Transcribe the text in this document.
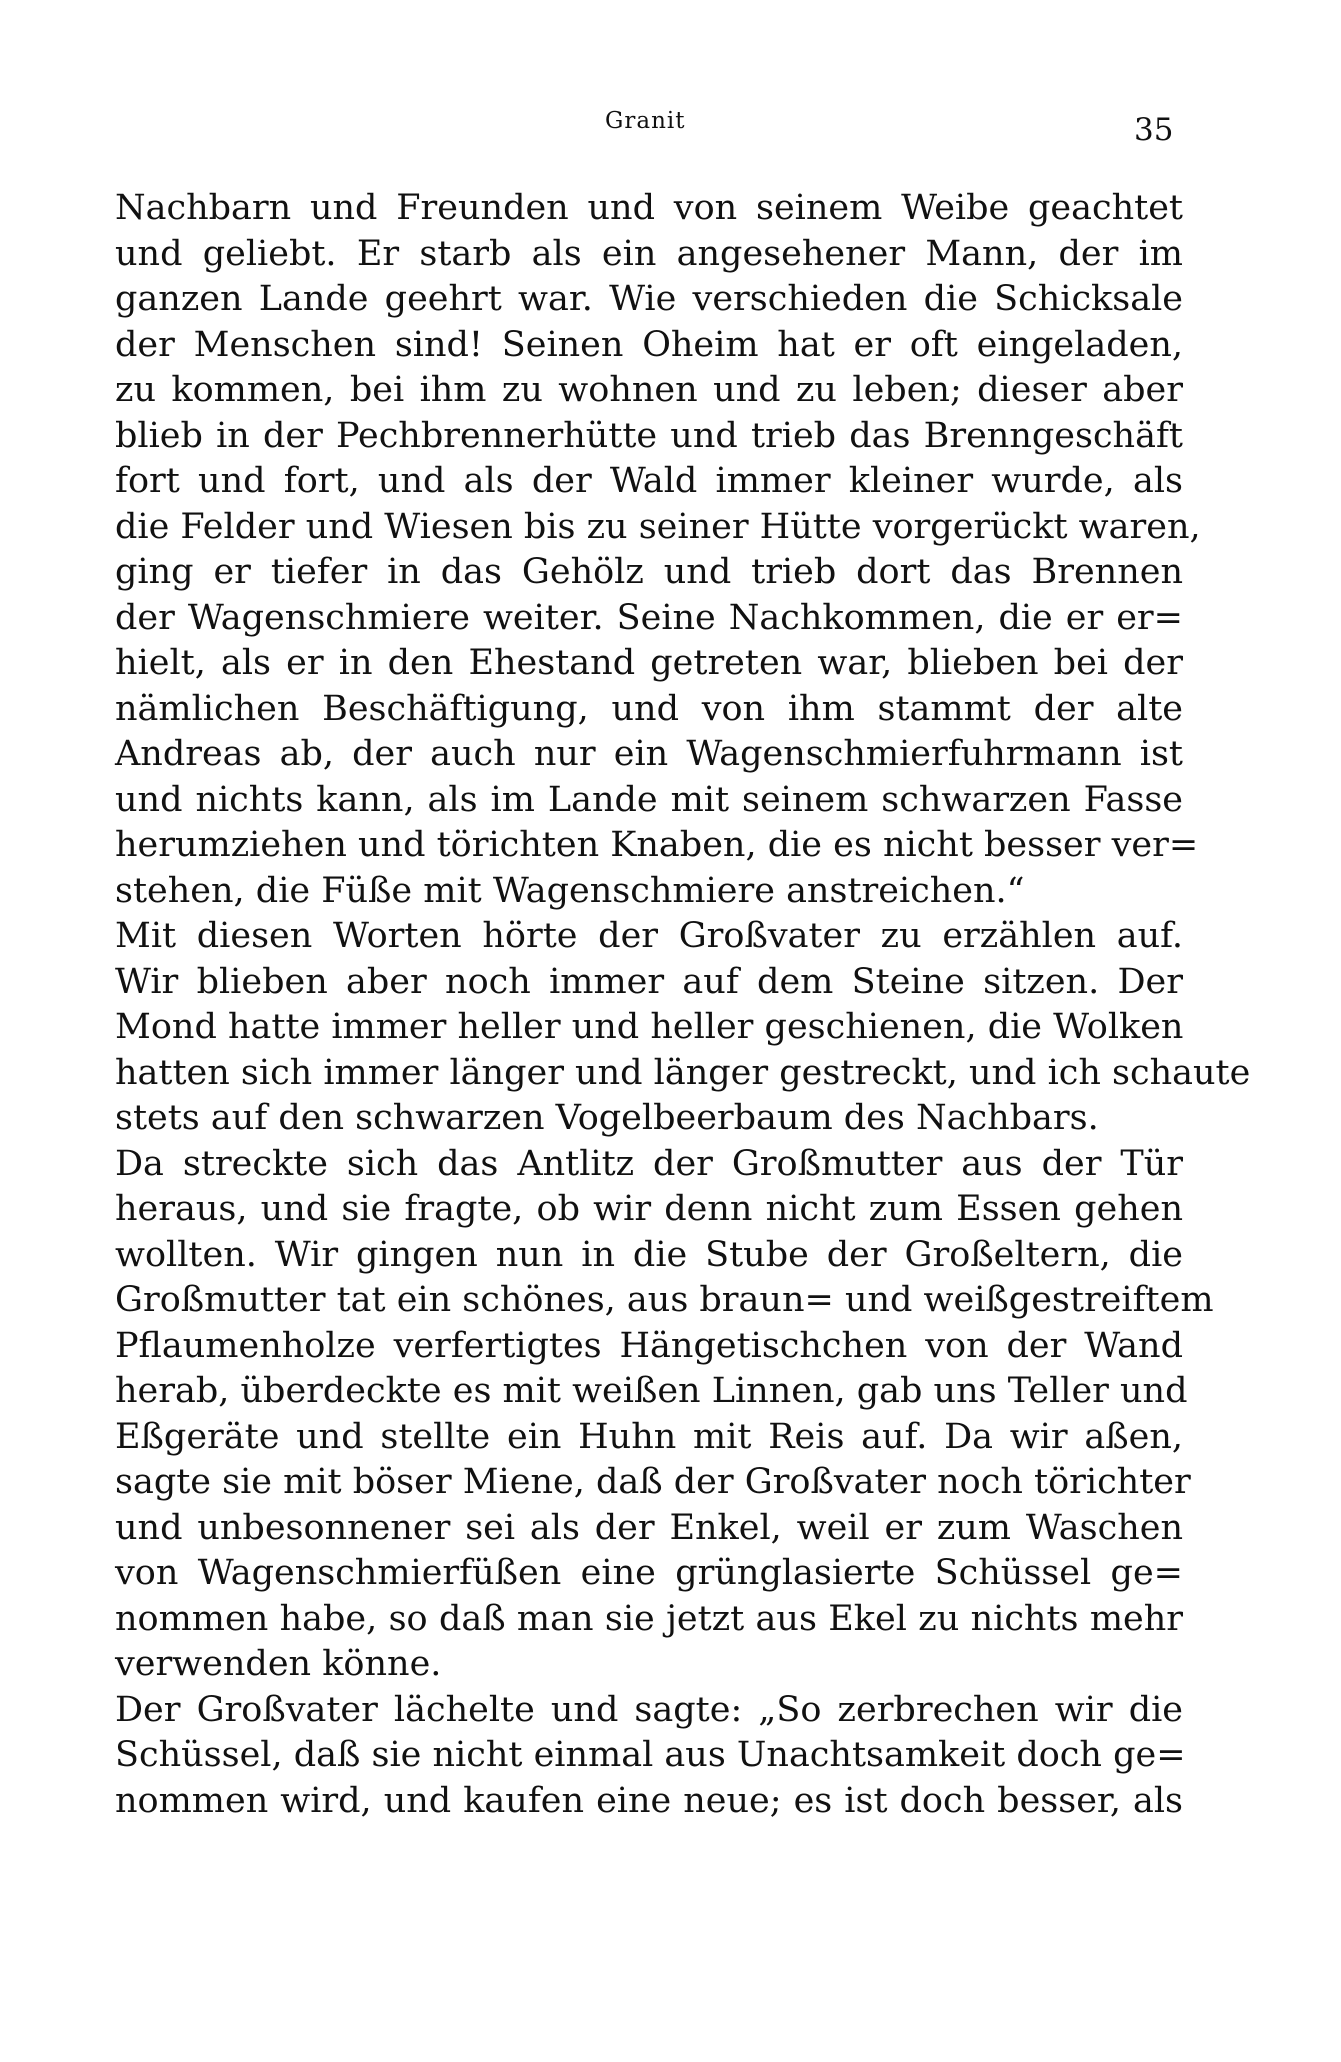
Granit	35
Nachbarn und Freunden und von seinem Weibe geachtet
und geliebt. Er starb als ein angesehener Mann, der im
ganzen Lande geehrt war. Wie verschieden die Schicksale
der Menschen sind! Seinen Oheim hat er oft eingeladen,
zu kommen, bei ihm zu wohnen und zu leben; dieser aber
blieb in der Pechbrennerhütte und trieb das Brenngeschäft
fort und fort, und als der Wald immer kleiner wurde, als
die Felder und Wiesen bis zu seiner Hütte vorgerückt waren,
ging er tiefer in das Gehölz und trieb dort das Brennen
der Wagenschmiere weiter. Seine Nachkommen, die er er=
hielt, als er in den Ehestand getreten war, blieben bei der
nämlichen Beschäftigung, und von ihm stammt der alte
Andreas ab, der auch nur ein Wagenschmierfuhrmann ist
und nichts kann, als im Lande mit seinem schwarzen Fasse
herumziehen und törichten Knaben, die es nicht besser ver=
stehen, die Füße mit Wagenschmiere anstreichen.“
Mit diesen Worten hörte der Großvater zu erzählen auf.
Wir blieben aber noch immer auf dem Steine sitzen. Der
Mond hatte immer heller und heller geschienen, die Wolken
hatten sich immer länger und länger gestreckt, und ich schaute
stets auf den schwarzen Vogelbeerbaum des Nachbars.
Da streckte sich das Antlitz der Großmutter aus der Tür
heraus, und sie fragte, ob wir denn nicht zum Essen gehen
wollten. Wir gingen nun in die Stube der Großeltern, die
Großmutter tat ein schönes, aus braun= und weißgestreiftem
Pflaumenholze verfertigtes Hängetischchen von der Wand
herab, überdeckte es mit weißen Linnen, gab uns Teller und
Eßgeräte und stellte ein Huhn mit Reis auf. Da wir aßen,
sagte sie mit böser Miene, daß der Großvater noch törichter
und unbesonnener sei als der Enkel, weil er zum Waschen
von Wagenschmierfüßen eine grünglasierte Schüssel ge=
nommen habe, so daß man sie jetzt aus Ekel zu nichts mehr
verwenden könne.
Der Großvater lächelte und sagte: „So zerbrechen wir die
Schüssel, daß sie nicht einmal aus Unachtsamkeit doch ge=
nommen wird, und kaufen eine neue; es ist doch besser, als
